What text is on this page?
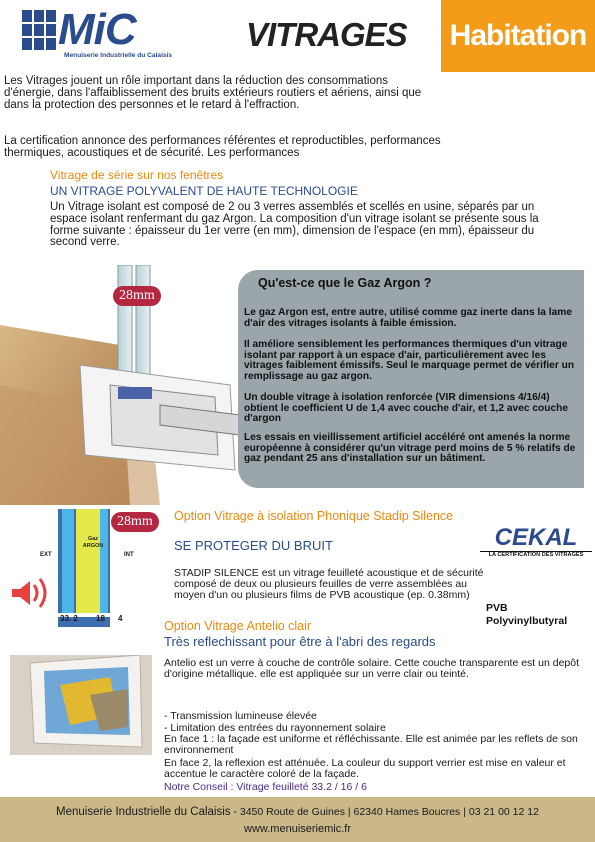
MiC
Menuiserie Industrielle du Calaisis
VITRAGES Habitation
Les Vitrages jouent un rôle important dans la réduction des consommations d'énergie, dans l'affaiblissement des bruits extérieurs routiers et aériens, ainsi que dans la protection des personnes et le retard à l'effraction.
La certification annonce des performances référentes et reproductibles, performances thermiques, acoustiques et de sécurité. Les performances
Vitrage de série sur nos fenêtres
UN VITRAGE POLYVALENT DE HAUTE TECHNOLOGIE
Un Vitrage isolant est composé de 2 ou 3 verres assemblés et scellés en usine, séparés par un espace isolant renfermant du gaz Argon. La composition d'un vitrage isolant se présente sous la forme suivante : épaisseur du 1er verre (en mm), dimension de l'espace (en mm), épaisseur du second verre.
28mm
Qu'est-ce que le Gaz Argon ?
Le gaz Argon est, entre autre, utilisé comme gaz inerte dans la lame d'air des vitrages isolants à faible émission.
Il améliore sensiblement les performances thermiques d'un vitrage isolant par rapport à un espace d'air, particulièrement avec les vitrages faiblement émissifs. Seul le marquage permet de vérifier un remplissage au gaz argon.
Un double vitrage à isolation renforcée (VIR dimensions 4/16/4) obtient le coefficient U de 1,4 avec couche d'air, et 1,2 avec couche d'argon
Les essais en vieillissement artificiel accéléré ont amenés la norme européenne à considérer qu'un vitrage perd moins de 5 % relatifs de gaz pendant 25 ans d'installation sur un bâtiment.
EXT	INT
Gaz ARGON
33. 2 18 4
28mm	Option Vitrage à isolation Phonique Stadip Silence
SE PROTEGER DU BRUIT	CEKAL
LA CERTIFICATION DES VITRAGES
STADIP SILENCE est un vitrage feuilleté acoustique et de sécurité composé de deux ou plusieurs feuilles de verre assemblées au moyen d'un ou plusieurs films de PVB acoustique (ep. 0.38mm)
PVB
Polyvinylbutyral
Option Vitrage Antelio clair
Très reflechissant pour être à l'abri des regards
Antelio est un verre à couche de contrôle solaire. Cette couche transparente est un depôt d'origine métallique. elle est appliquée sur un verre clair ou teinté.
- Transmission lumineuse élevée
- Limitation des entrées du rayonnement solaire
En face 1 : la façade est uniforme et réfléchissante. Elle est animée par les reflets de son environnement
En face 2, la reflexion est atténuée. La couleur du support verrier est mise en valeur et accentue le caractère coloré de la façade.
Notre Conseil : Vitrage feuilleté 33.2 / 16 / 6
Menuiserie Industrielle du Calaisis - 3450 Route de Guines | 62340 Hames Boucres | 03 21 00 12 12
www.menuiseriemic.fr
